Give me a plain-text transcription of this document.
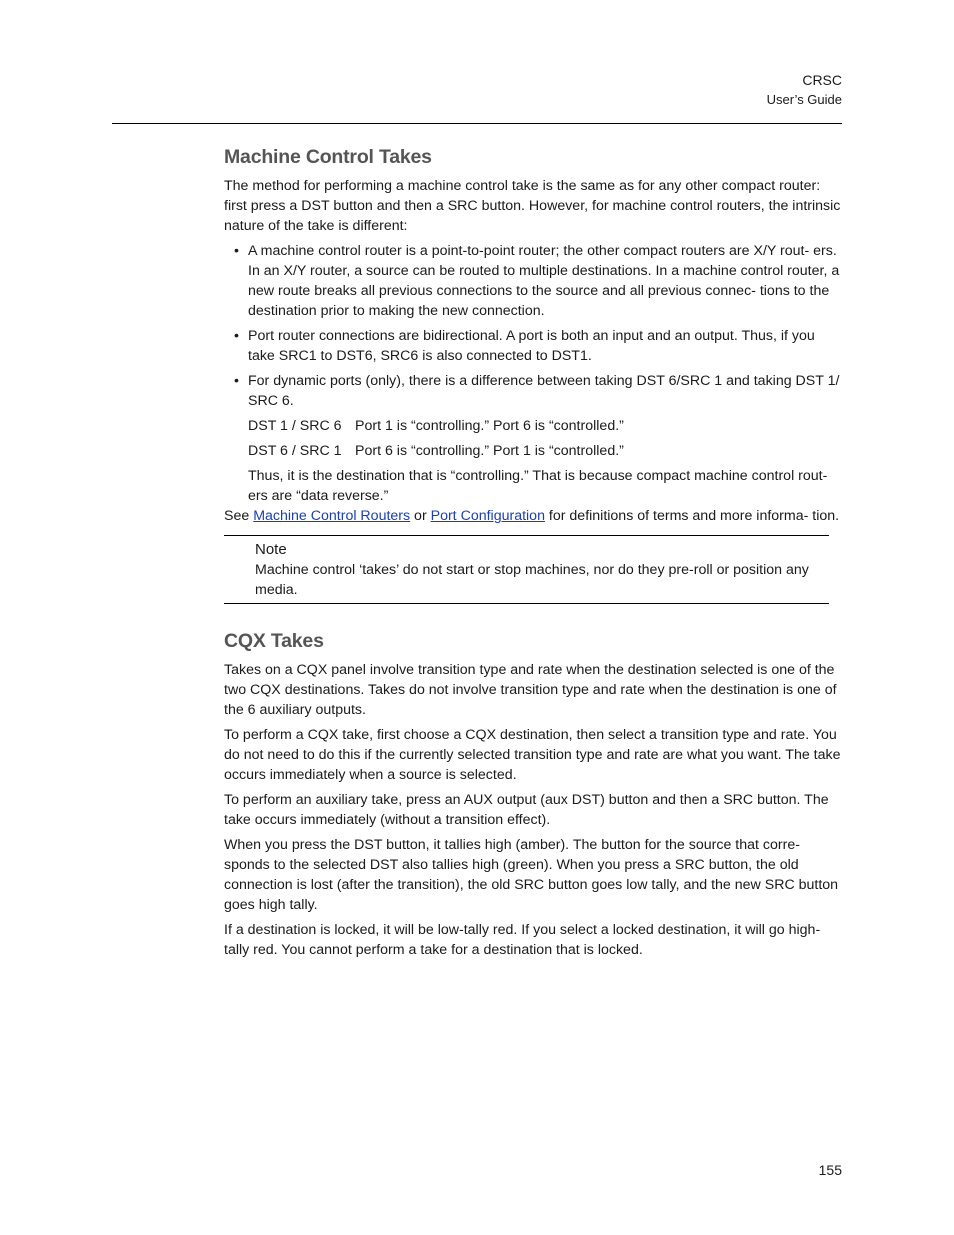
CRSC
User’s Guide
Machine Control Takes

The method for performing a machine control take is the same as for any other compact router: first press a DST button and then a SRC button. However, for machine control routers, the intrinsic nature of the take is different:

• A machine control router is a point-to-point router; the other compact routers are X/Y rout- ers. In an X/Y router, a source can be routed to multiple destinations. In a machine control router, a new route breaks all previous connections to the source and all previous connec- tions to the destination prior to making the new connection.
• Port router connections are bidirectional. A port is both an input and an output. Thus, if you take SRC1 to DST6, SRC6 is also connected to DST1.
• For dynamic ports (only), there is a difference between taking DST 6/SRC 1 and taking DST 1/ SRC 6.
DST 1 / SRC 6 Port 1 is “controlling.” Port 6 is “controlled.”
DST 6 / SRC 1 Port 6 is “controlling.” Port 1 is “controlled.”

Thus, it is the destination that is “controlling.” That is because compact machine control rout- ers are “data reverse.”

See Machine Control Routers or Port Configuration for definitions of terms and more informa- tion.

Note
Machine control ‘takes’ do not start or stop machines, nor do they pre-roll or position any media.
CQX Takes

Takes on a CQX panel involve transition type and rate when the destination selected is one of the two CQX destinations. Takes do not involve transition type and rate when the destination is one of the 6 auxiliary outputs.

To perform a CQX take, first choose a CQX destination, then select a transition type and rate. You do not need to do this if the currently selected transition type and rate are what you want. The take occurs immediately when a source is selected.

To perform an auxiliary take, press an AUX output (aux DST) button and then a SRC button. The take occurs immediately (without a transition effect).

When you press the DST button, it tallies high (amber). The button for the source that corre- sponds to the selected DST also tallies high (green). When you press a SRC button, the old connection is lost (after the transition), the old SRC button goes low tally, and the new SRC button goes high tally.

If a destination is locked, it will be low-tally red. If you select a locked destination, it will go high- tally red. You cannot perform a take for a destination that is locked.

155
